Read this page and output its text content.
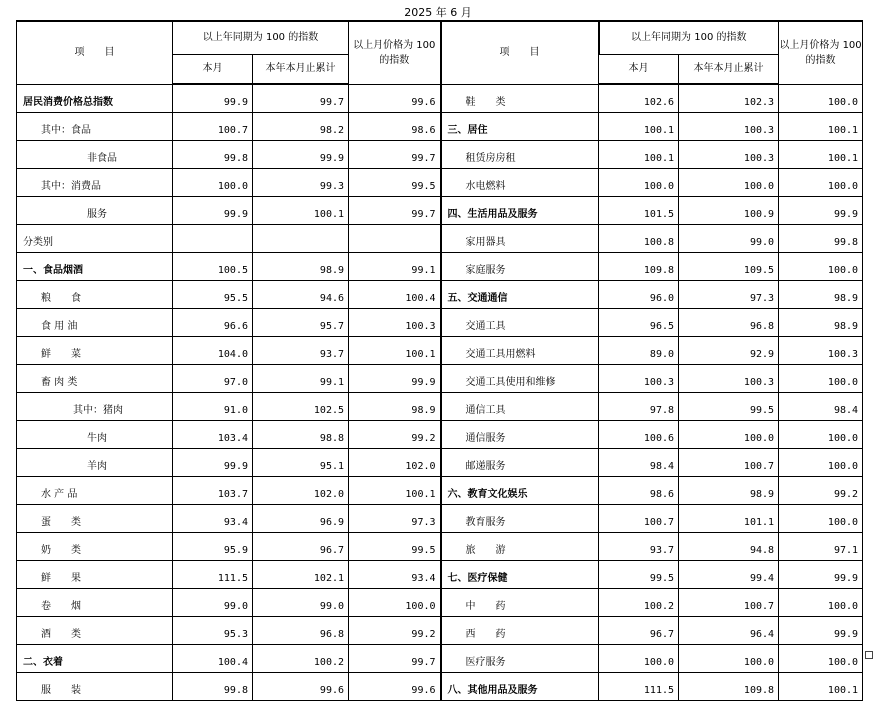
2025 年 6 月
项　　目	以上年同期为 100 的指数		以上月价格为 100 的指数	项　　目	以上年同期为 100 的指数		以上月价格为 100 的指数
	本月	本年本月止累计			本月	本年本月止累计	
居民消费价格总指数	99.9	99.7	99.6	鞋　　类	102.6	102.3	100.0
其中：食品	100.7	98.2	98.6	三、居住	100.1	100.3	100.1
非食品	99.8	99.9	99.7	租赁房房租	100.1	100.3	100.1
其中：消费品	100.0	99.3	99.5	水电燃料	100.0	100.0	100.0
服务	99.9	100.1	99.7	四、生活用品及服务	101.5	100.9	99.9
分类别				家用器具	100.8	99.0	99.8
一、食品烟酒	100.5	98.9	99.1	家庭服务	109.8	109.5	100.0
粮　　食	95.5	94.6	100.4	五、交通通信	96.0	97.3	98.9
食 用 油	96.6	95.7	100.3	交通工具	96.5	96.8	98.9
鲜　　菜	104.0	93.7	100.1	交通工具用燃料	89.0	92.9	100.3
畜 肉 类	97.0	99.1	99.9	交通工具使用和维修	100.3	100.3	100.0
其中：猪肉	91.0	102.5	98.9	通信工具	97.8	99.5	98.4
牛肉	103.4	98.8	99.2	通信服务	100.6	100.0	100.0
羊肉	99.9	95.1	102.0	邮递服务	98.4	100.7	100.0
水 产 品	103.7	102.0	100.1	六、教育文化娱乐	98.6	98.9	99.2
蛋　　类	93.4	96.9	97.3	教育服务	100.7	101.1	100.0
奶　　类	95.9	96.7	99.5	旅　　游	93.7	94.8	97.1
鲜　　果	111.5	102.1	93.4	七、医疗保健	99.5	99.4	99.9
卷　　烟	99.0	99.0	100.0	中　　药	100.2	100.7	100.0
酒　　类	95.3	96.8	99.2	西　　药	96.7	96.4	99.9
二、衣着	100.4	100.2	99.7	医疗服务	100.0	100.0	100.0
服　　装	99.8	99.6	99.6	八、其他用品及服务	111.5	109.8	100.1
